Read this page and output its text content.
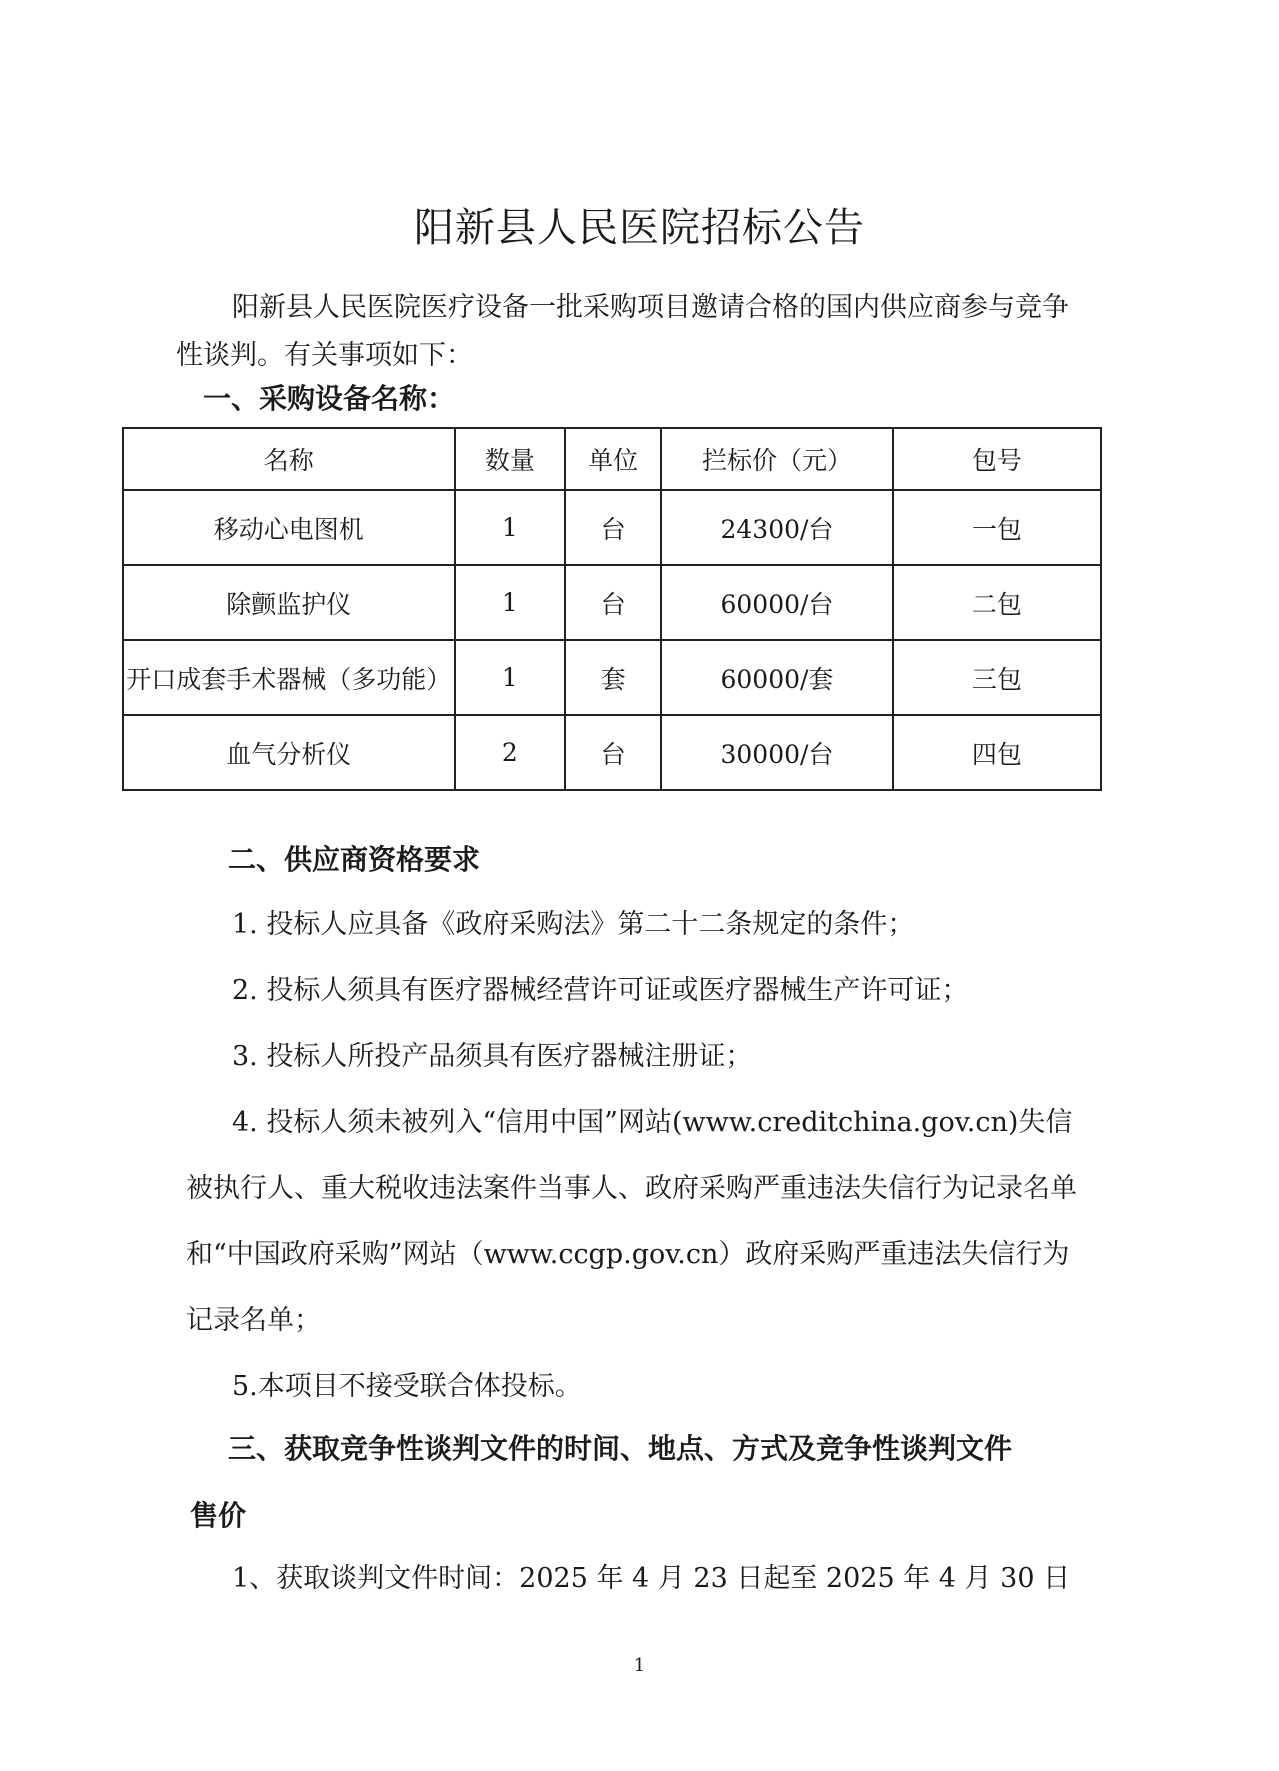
阳新县人民医院招标公告
阳新县人民医院医疗设备一批采购项目邀请合格的国内供应商参与竞争性谈判。有关事项如下：
一、采购设备名称：
名称	数量	单位	拦标价（元）	包号
移动心电图机	1	台	24300/台	一包
除颤监护仪	1	台	60000/台	二包
开口成套手术器械（多功能）	1	套	60000/套	三包
血气分析仪	2	台	30000/台	四包
二、供应商资格要求
1. 投标人应具备《政府采购法》第二十二条规定的条件；
2. 投标人须具有医疗器械经营许可证或医疗器械生产许可证；
3. 投标人所投产品须具有医疗器械注册证；
4. 投标人须未被列入“信用中国”网站(www.creditchina.gov.cn)失信被执行人、重大税收违法案件当事人、政府采购严重违法失信行为记录名单和“中国政府采购”网站（www.ccgp.gov.cn）政府采购严重违法失信行为记录名单；
5.本项目不接受联合体投标。
三、获取竞争性谈判文件的时间、地点、方式及竞争性谈判文件
售价
1、获取谈判文件时间：2025 年 4 月 23 日起至 2025 年 4 月 30 日
1
